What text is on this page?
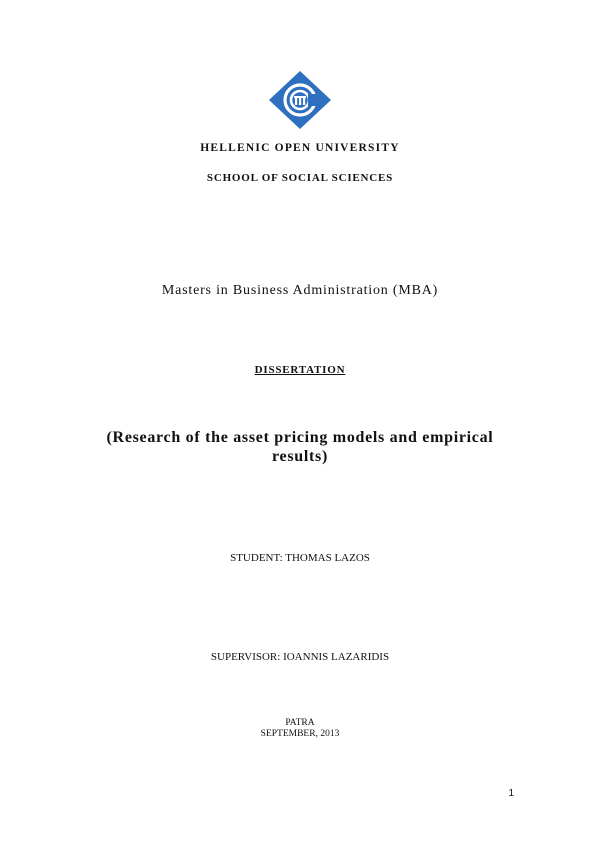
HELLENIC OPEN UNIVERSITY
SCHOOL OF SOCIAL SCIENCES
Masters in Business Administration (MBA)
DISSERTATION
(Research of the asset pricing models and empirical results)
STUDENT: THOMAS LAZOS
SUPERVISOR: IOANNIS LAZARIDIS
PATRA
SEPTEMBER, 2013
1
